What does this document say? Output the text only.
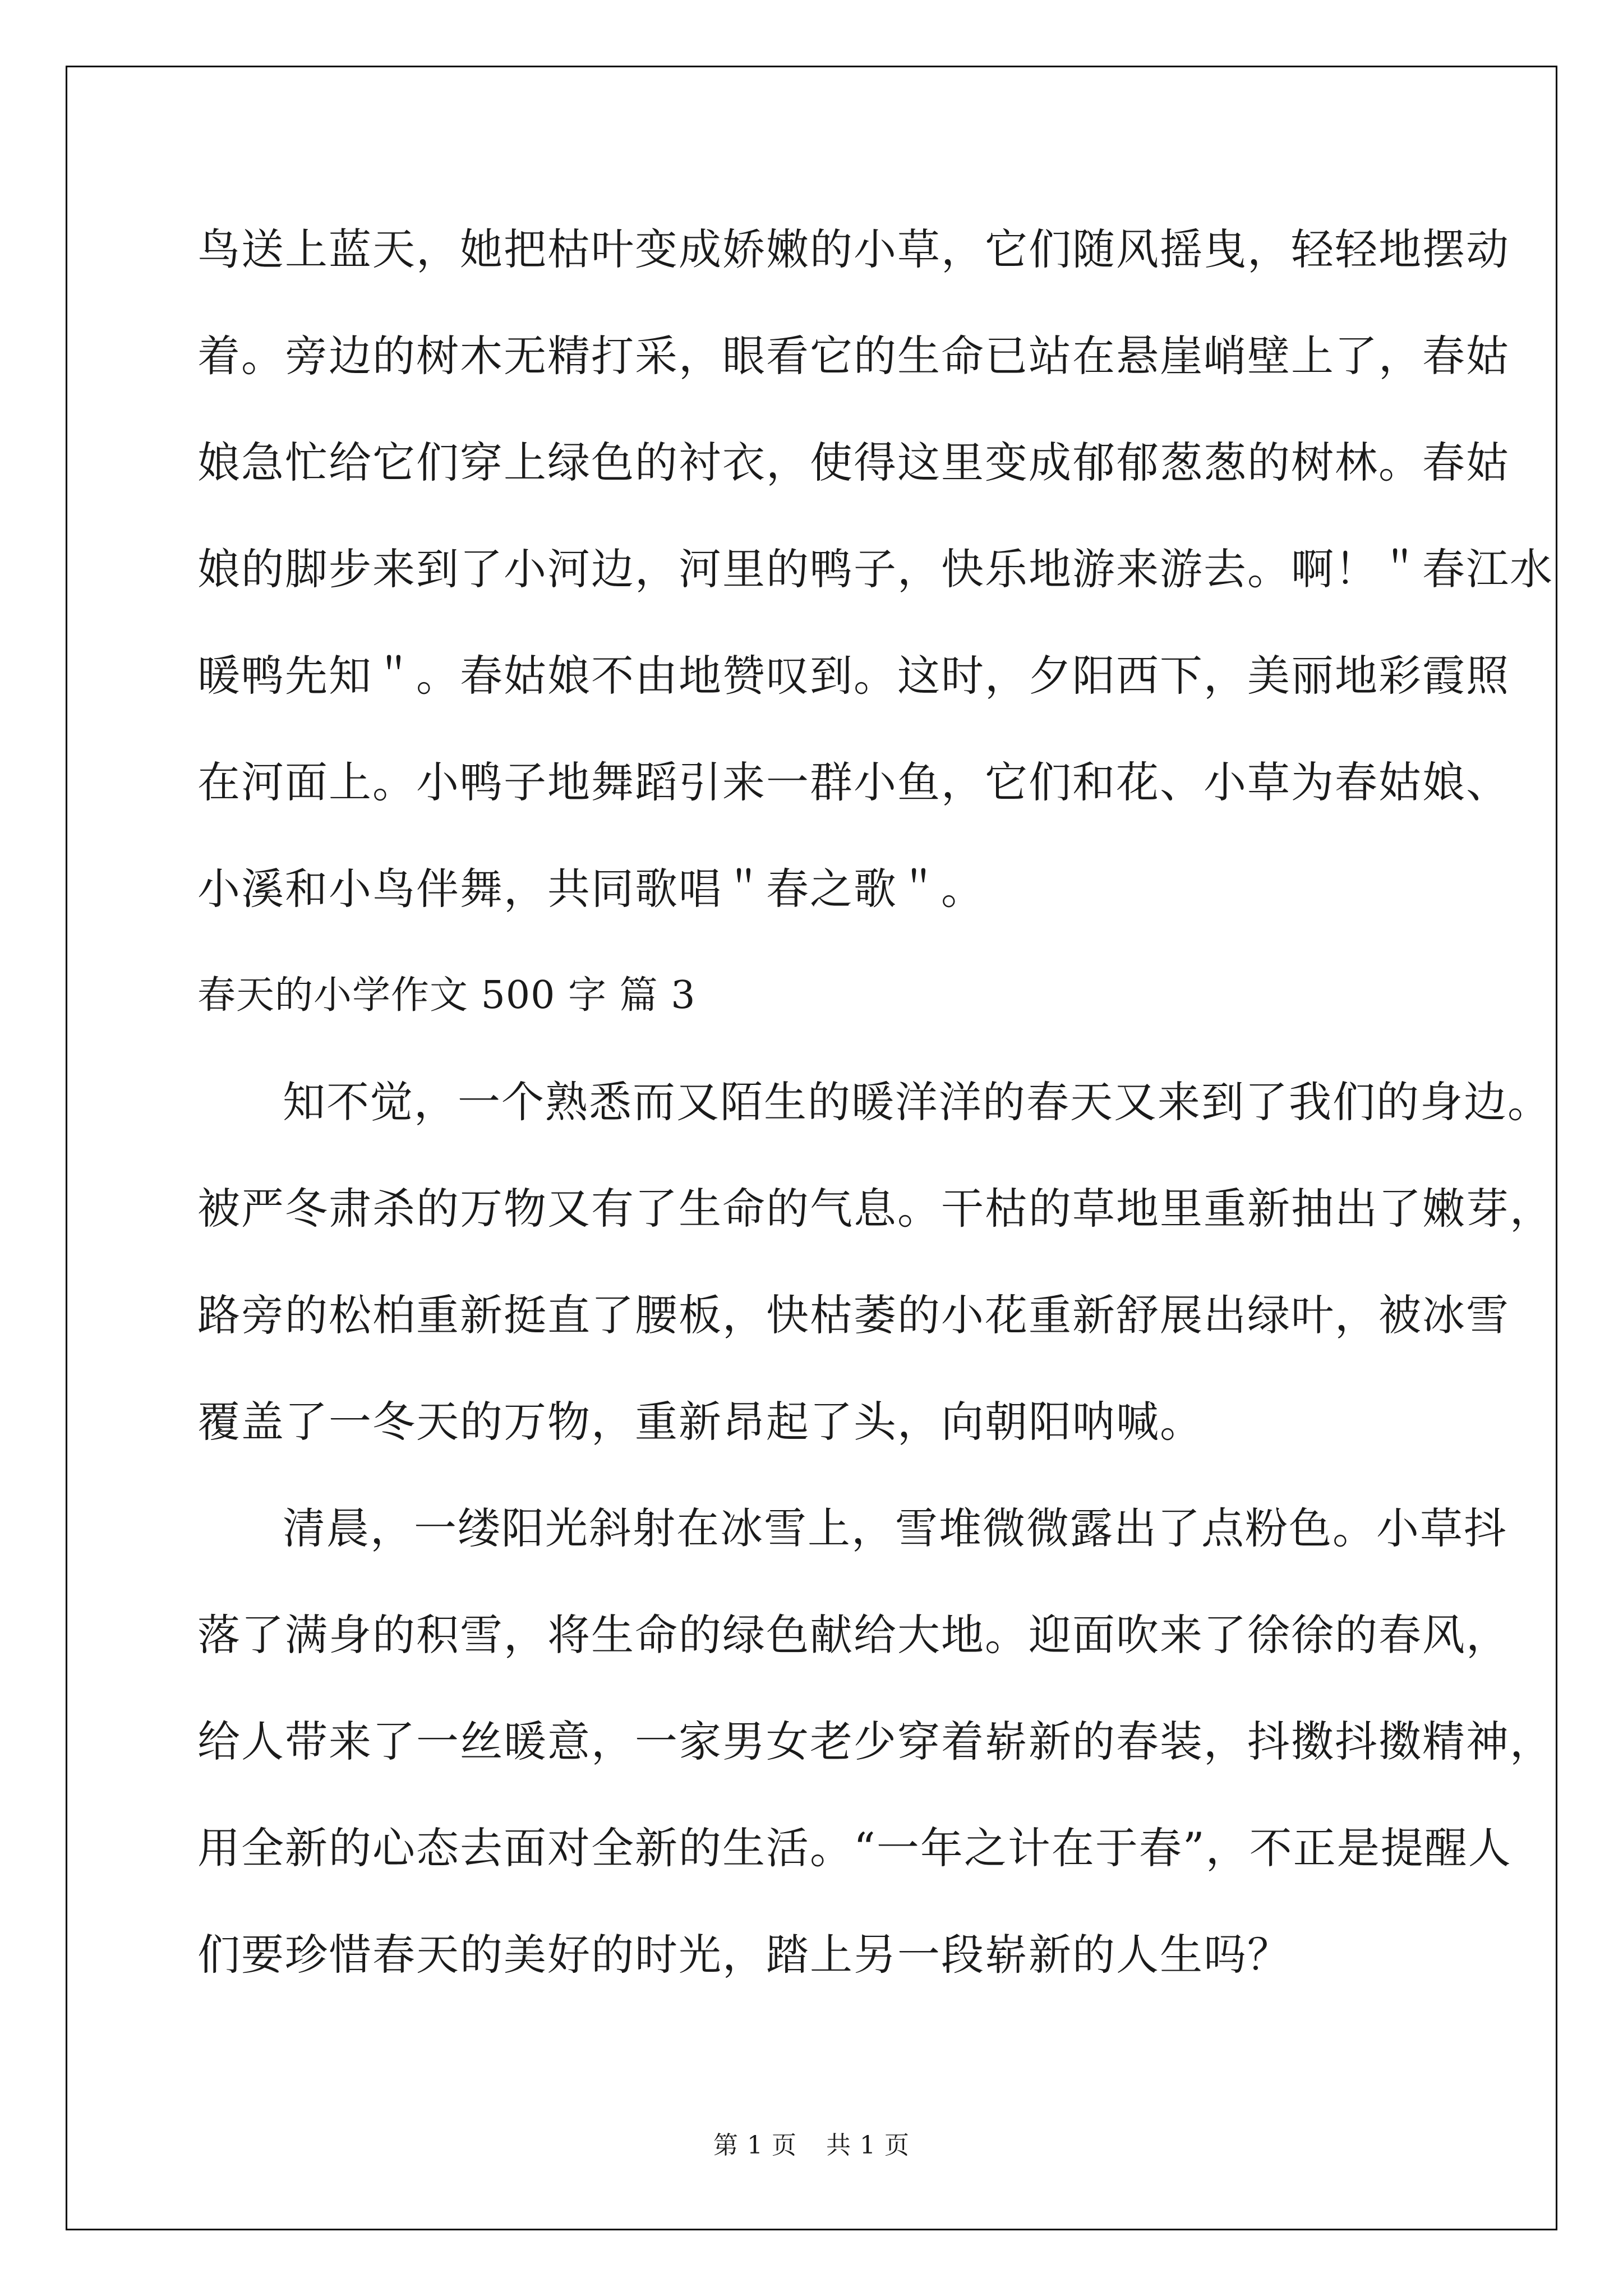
鸟送上蓝天，她把枯叶变成娇嫩的小草，它们随风摇曳，轻轻地摆动
着。旁边的树木无精打采，眼看它的生命已站在悬崖峭壁上了，春姑
娘急忙给它们穿上绿色的衬衣，使得这里变成郁郁葱葱的树林。春姑
娘的脚步来到了小河边，河里的鸭子，快乐地游来游去。啊！＂春江水
暖鸭先知＂。春姑娘不由地赞叹到。这时，夕阳西下，美丽地彩霞照
在河面上。小鸭子地舞蹈引来一群小鱼，它们和花、小草为春姑娘、
小溪和小鸟伴舞，共同歌唱＂春之歌＂。
春天的小学作文 500 字 篇 3
知不觉，一个熟悉而又陌生的暖洋洋的春天又来到了我们的身边。
被严冬肃杀的万物又有了生命的气息。干枯的草地里重新抽出了嫩芽，
路旁的松柏重新挺直了腰板，快枯萎的小花重新舒展出绿叶，被冰雪
覆盖了一冬天的万物，重新昂起了头，向朝阳呐喊。
清晨，一缕阳光斜射在冰雪上，雪堆微微露出了点粉色。小草抖
落了满身的积雪，将生命的绿色献给大地。迎面吹来了徐徐的春风，
给人带来了一丝暖意，一家男女老少穿着崭新的春装，抖擞抖擞精神，
用全新的心态去面对全新的生活。“一年之计在于春”，不正是提醒人
们要珍惜春天的美好的时光，踏上另一段崭新的人生吗？
第 1 页 共 1 页
